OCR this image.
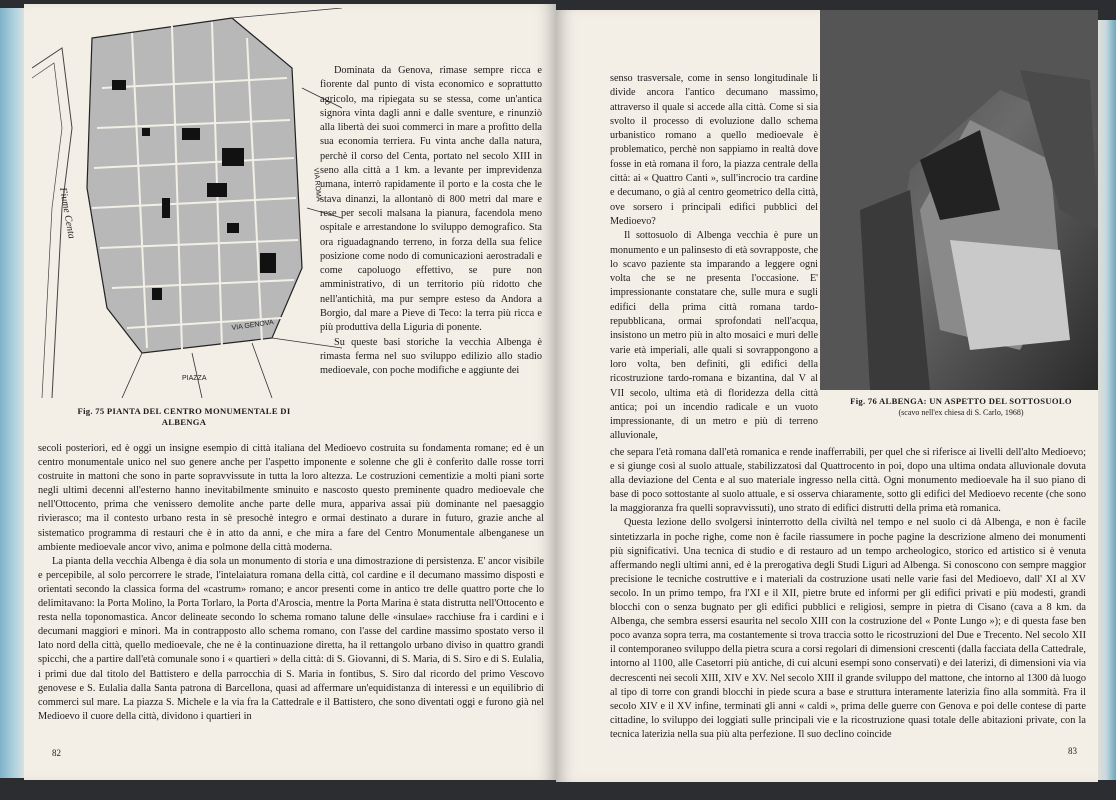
Fiume Centa
VIA GENOVA
VIA ROMA
PIAZZA
Fig. 75 PIANTA DEL CENTRO MONUMENTALE DI ALBENGA

Dominata da Genova, rimase sempre ricca e fiorente dal punto di vista economico e soprattutto agricolo, ma ripiegata su se stessa, come un'antica signora vinta dagli anni e dalle sventure, e rinunziò alla libertà dei suoi commerci in mare a profitto della sua economia terriera. Fu vinta anche dalla natura, perchè il corso del Centa, portato nel secolo XIII in seno alla città a 1 km. a levante per imprevidenza umana, interrò rapidamente il porto e la costa che le stava dinanzi, la allontanò di 800 metri dal mare e rese per secoli malsana la pianura, facendola meno ospitale e arrestandone lo sviluppo demografico. Sta ora riguadagnando terreno, in forza della sua felice posizione come nodo di comunicazioni aerostradali e come capoluogo effettivo, se pure non amministrativo, di un territorio più ridotto che nell'antichità, ma pur sempre esteso da Andora a Borgio, dal mare a Pieve di Teco: la terra più ricca e più produttiva della Liguria di ponente.

Su queste basi storiche la vecchia Albenga è rimasta ferma nel suo sviluppo edilizio allo stadio medioevale, con poche modifiche e aggiunte dei

secoli posteriori, ed è oggi un insigne esempio di città italiana del Medioevo costruita su fondamenta romane; ed è un centro monumentale unico nel suo genere anche per l'aspetto imponente e solenne che gli è conferito dalle rosse torri costruite in mattoni che sono in parte sopravvissute in tutta la loro altezza. Le costruzioni cementizie a molti piani sorte negli ultimi decenni all'esterno hanno inevitabilmente sminuito e nascosto questo preminente quadro medioevale che nell'Ottocento, prima che venissero demolite anche parte delle mura, appariva assai più dominante nel paesaggio rivierasco; ma il contesto urbano resta in sè presochè integro e ormai destinato a durare in futuro, grazie anche al sistematico programma di restauri che è in atto da anni, e che mira a fare del Centro Monumentale albenganese un ambiente medioevale ancor vivo, anima e polmone della città moderna.

La pianta della vecchia Albenga è dia sola un monumento di storia e una dimostrazione di persistenza. E' ancor visibile e percepibile, al solo percorrere le strade, l'intelaiatura romana della città, col cardine e il decumano massimo disposti e orientati secondo la classica forma del «castrum» romano; e ancor presenti come in antico tre delle quattro porte che lo delimitavano: la Porta Molino, la Porta Torlaro, la Porta d'Aroscia, mentre la Porta Marina è stata distrutta nell'Ottocento e resta nella toponomastica. Ancor delineate secondo lo schema romano talune delle «insulae» racchiuse fra i cardini e i decumani maggiori e minori. Ma in contrapposto allo schema romano, con l'asse del cardine massimo spostato verso il lato nord della città, quello medioevale, che ne è la continuazione diretta, ha il rettangolo urbano diviso in quattro grandi spicchi, che a partire dall'età comunale sono i « quartieri » della città: di S. Giovanni, di S. Maria, di S. Siro e di S. Eulalia, i primi due dal titolo del Battistero e della parrocchia di S. Maria in fontibus, S. Siro dal ricordo del primo Vescovo genovese e S. Eulalia dalla Santa patrona di Barcellona, quasi ad affermare un'equidistanza di interessi e un equilibrio di commerci sul mare. La piazza S. Michele e la via fra la Cattedrale e il Battistero, che sono diventati oggi e furono già nel Medioevo il cuore della città, dividono i quartieri in

82

senso trasversale, come in senso longitudinale li divide ancora l'antico decumano massimo, attraverso il quale si accede alla città. Come si sia svolto il processo di evoluzione dallo schema urbanistico romano a quello medioevale è problematico, perchè non sappiamo in realtà dove fosse in età romana il foro, la piazza centrale della città: ai « Quattro Canti », sull'incrocio tra cardine e decumano, o già al centro geometrico della città, ove sorsero i principali edifici pubblici del Medioevo?

Il sottosuolo di Albenga vecchia è pure un monumento e un palinsesto di età sovrapposte, che lo scavo paziente sta imparando a leggere ogni volta che se ne presenta l'occasione. E' impressionante constatare che, sulle mura e sugli edifici della prima città romana tardo-repubblicana, ormai sprofondati nell'acqua, insistono un metro più in alto mosaici e muri delle varie età imperiali, alle quali si sovrappongono a loro volta, ben definiti, gli edifici della ricostruzione tardo-romana e bizantina, dal V al VII secolo, ultima età di floridezza della città antica; poi un incendio radicale e un vuoto impressionante, di un metro e più di terreno alluvionale,

Fig. 76 ALBENGA: UN ASPETTO DEL SOTTOSUOLO
(scavo nell'ex chiesa di S. Carlo, 1968)

che separa l'età romana dall'età romanica e rende inafferrabili, per quel che si riferisce ai livelli dell'alto Medioevo; e si giunge così al suolo attuale, stabilizzatosi dal Quattrocento in poi, dopo una ultima ondata alluvionale dovuta alla deviazione del Centa e al suo materiale ingresso nella città. Ogni monumento medioevale ha il suo piano di base di poco sottostante al suolo attuale, e si osserva chiaramente, sotto gli edifici del Medioevo recente (che sono la maggioranza fra quelli sopravvissuti), uno strato di edifici distrutti della prima età romanica.

Questa lezione dello svolgersi ininterrotto della civiltà nel tempo e nel suolo ci dà Albenga, e non è facile sintetizzarla in poche righe, come non è facile riassumere in poche pagine la descrizione almeno dei monumenti più significativi. Una tecnica di studio e di restauro ad un tempo archeologico, storico ed artistico si è venuta affermando negli ultimi anni, ed è la prerogativa degli Studi Liguri ad Albenga. Si conoscono con sempre maggior precisione le tecniche costruttive e i materiali da costruzione usati nelle varie fasi del Medioevo, dall' XI al XV secolo. In un primo tempo, fra l'XI e il XII, pietre brute ed informi per gli edifici privati e più modesti, grandi blocchi con o senza bugnato per gli edifici pubblici e religiosi, sempre in pietra di Cisano (cava a 8 km. da Albenga, che sembra essersi esaurita nel secolo XIII con la costruzione del « Ponte Lungo »); e di questa fase ben poco avanza sopra terra, ma costantemente si trova traccia sotto le ricostruzioni del Due e Trecento. Nel secolo XII il contemporaneo sviluppo della pietra scura a corsi regolari di dimensioni crescenti (dalla facciata della Cattedrale, intorno al 1100, alle Casetorri più antiche, di cui alcuni esempi sono conservati) e dei laterizi, di dimensioni via via decrescenti nei secoli XIII, XIV e XV. Nel secolo XIII il grande sviluppo del mattone, che intorno al 1300 dà luogo al tipo di torre con grandi blocchi in piede scura a base e struttura interamente laterizia fino alla sommità. Fra il secolo XIV e il XV infine, terminati gli anni « caldi », prima delle guerre con Genova e poi delle contese di parte cittadine, lo sviluppo dei loggiati sulle principali vie e la ricostruzione quasi totale delle abitazioni private, con la tecnica laterizia nella sua più alta perfezione. Il suo declino coincide

83
